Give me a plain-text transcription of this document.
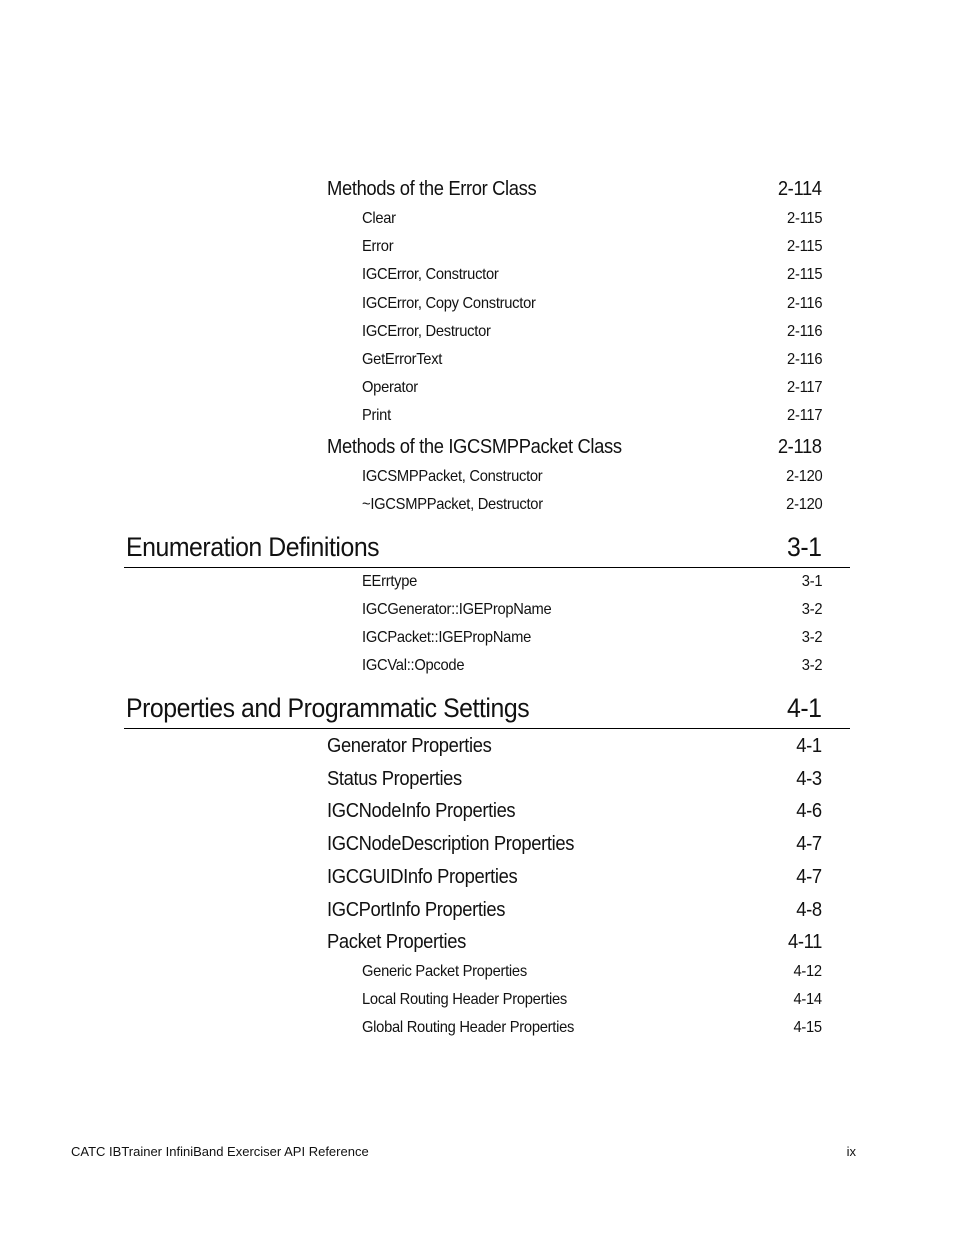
Methods of the Error Class	2-114
Clear	2-115
Error	2-115
IGCError, Constructor	2-115
IGCError, Copy Constructor	2-116
IGCError, Destructor	2-116
GetErrorText	2-116
Operator	2-117
Print	2-117
Methods of the IGCSMPPacket Class	2-118
IGCSMPPacket, Constructor	2-120
~IGCSMPPacket, Destructor	2-120
Enumeration Definitions	3-1
EErrtype	3-1
IGCGenerator::IGEPropName	3-2
IGCPacket::IGEPropName	3-2
IGCVal::Opcode	3-2
Properties and Programmatic Settings	4-1
Generator Properties	4-1
Status Properties	4-3
IGCNodeInfo Properties	4-6
IGCNodeDescription Properties	4-7
IGCGUIDInfo Properties	4-7
IGCPortInfo Properties	4-8
Packet Properties	4-11
Generic Packet Properties	4-12
Local Routing Header Properties	4-14
Global Routing Header Properties	4-15
CATC IBTrainer InfiniBand Exerciser API Reference	ix
